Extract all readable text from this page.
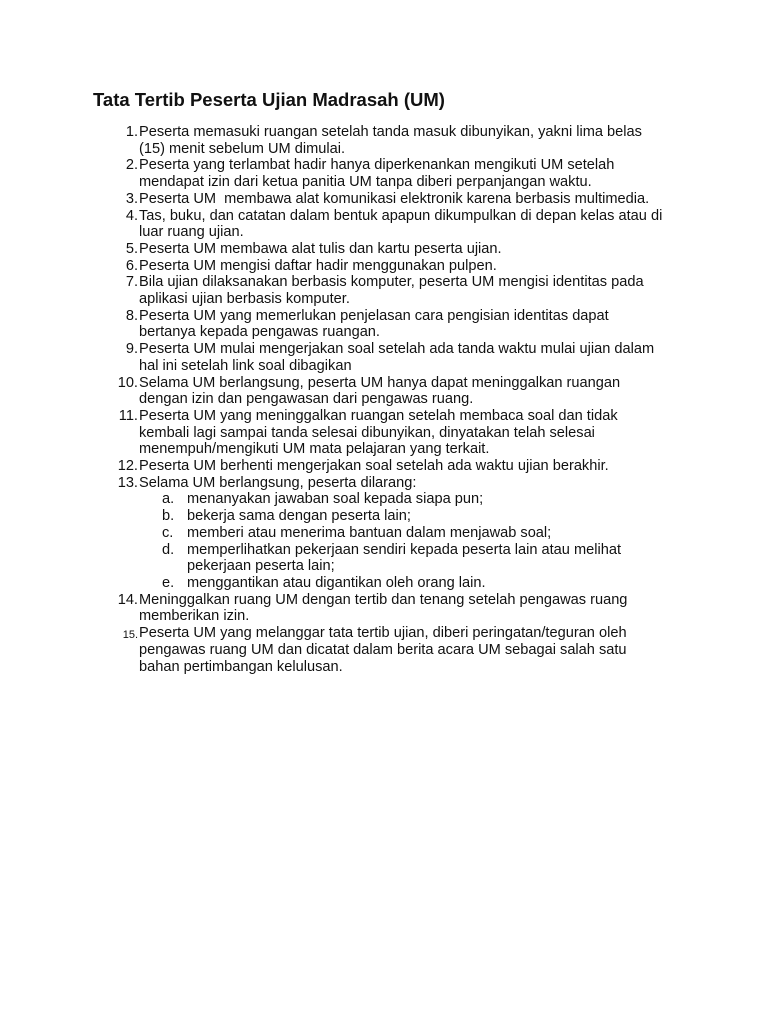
Tata Tertib Peserta Ujian Madrasah (UM)
1. Peserta memasuki ruangan setelah tanda masuk dibunyikan, yakni lima belas (15) menit sebelum UM dimulai.
2. Peserta yang terlambat hadir hanya diperkenankan mengikuti UM setelah mendapat izin dari ketua panitia UM tanpa diberi perpanjangan waktu.
3. Peserta UM  membawa alat komunikasi elektronik karena berbasis multimedia.
4. Tas, buku, dan catatan dalam bentuk apapun dikumpulkan di depan kelas atau di luar ruang ujian.
5. Peserta UM membawa alat tulis dan kartu peserta ujian.
6. Peserta UM mengisi daftar hadir menggunakan pulpen.
7. Bila ujian dilaksanakan berbasis komputer, peserta UM mengisi identitas pada aplikasi ujian berbasis komputer.
8. Peserta UM yang memerlukan penjelasan cara pengisian identitas dapat bertanya kepada pengawas ruangan.
9. Peserta UM mulai mengerjakan soal setelah ada tanda waktu mulai ujian dalam hal ini setelah link soal dibagikan
10. Selama UM berlangsung, peserta UM hanya dapat meninggalkan ruangan dengan izin dan pengawasan dari pengawas ruang.
11. Peserta UM yang meninggalkan ruangan setelah membaca soal dan tidak kembali lagi sampai tanda selesai dibunyikan, dinyatakan telah selesai menempuh/mengikuti UM mata pelajaran yang terkait.
12. Peserta UM berhenti mengerjakan soal setelah ada waktu ujian berakhir.
13. Selama UM berlangsung, peserta dilarang:
a. menanyakan jawaban soal kepada siapa pun;
b. bekerja sama dengan peserta lain;
c. memberi atau menerima bantuan dalam menjawab soal;
d. memperlihatkan pekerjaan sendiri kepada peserta lain atau melihat pekerjaan peserta lain;
e. menggantikan atau digantikan oleh orang lain.
14. Meninggalkan ruang UM dengan tertib dan tenang setelah pengawas ruang memberikan izin.
15. Peserta UM yang melanggar tata tertib ujian, diberi peringatan/teguran oleh pengawas ruang UM dan dicatat dalam berita acara UM sebagai salah satu bahan pertimbangan kelulusan.
